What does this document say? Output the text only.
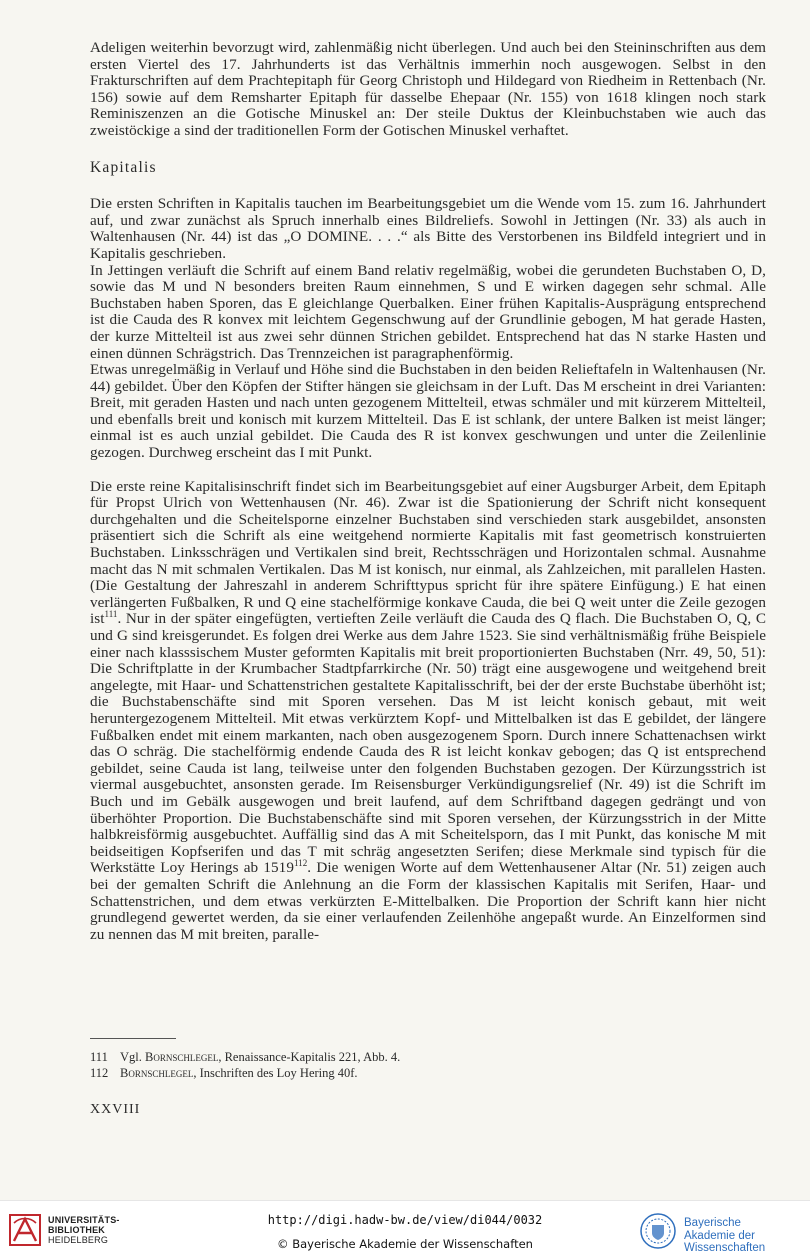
Adeligen weiterhin bevorzugt wird, zahlenmäßig nicht überlegen. Und auch bei den Steininschriften aus dem ersten Viertel des 17. Jahrhunderts ist das Verhältnis immerhin noch ausgewogen. Selbst in den Frakturschriften auf dem Prachtepitaph für Georg Christoph und Hildegard von Riedheim in Rettenbach (Nr. 156) sowie auf dem Remsharter Epitaph für dasselbe Ehepaar (Nr. 155) von 1618 klingen noch stark Reminiszenzen an die Gotische Minuskel an: Der steile Duktus der Kleinbuchstaben wie auch das zweistöckige a sind der traditionellen Form der Gotischen Minuskel verhaftet.

Kapitalis

Die ersten Schriften in Kapitalis tauchen im Bearbeitungsgebiet um die Wende vom 15. zum 16. Jahrhundert auf, und zwar zunächst als Spruch innerhalb eines Bildreliefs. Sowohl in Jettingen (Nr. 33) als auch in Waltenhausen (Nr. 44) ist das „O DOMINE. . . .“ als Bitte des Verstorbenen ins Bildfeld integriert und in Kapitalis geschrieben.

In Jettingen verläuft die Schrift auf einem Band relativ regelmäßig, wobei die gerundeten Buchstaben O, D, sowie das M und N besonders breiten Raum einnehmen, S und E wirken dagegen sehr schmal. Alle Buchstaben haben Sporen, das E gleichlange Querbalken. Einer frühen Kapitalis-Ausprägung entsprechend ist die Cauda des R konvex mit leichtem Gegenschwung auf der Grundlinie gebogen, M hat gerade Hasten, der kurze Mittelteil ist aus zwei sehr dünnen Strichen gebildet. Entsprechend hat das N starke Hasten und einen dünnen Schrägstrich. Das Trennzeichen ist paragraphenförmig.

Etwas unregelmäßig in Verlauf und Höhe sind die Buchstaben in den beiden Relieftafeln in Waltenhausen (Nr. 44) gebildet. Über den Köpfen der Stifter hängen sie gleichsam in der Luft. Das M erscheint in drei Varianten: Breit, mit geraden Hasten und nach unten gezogenem Mittelteil, etwas schmäler und mit kürzerem Mittelteil, und ebenfalls breit und konisch mit kurzem Mittelteil. Das E ist schlank, der untere Balken ist meist länger; einmal ist es auch unzial gebildet. Die Cauda des R ist konvex geschwungen und unter die Zeilenlinie gezogen. Durchweg erscheint das I mit Punkt.

Die erste reine Kapitalisinschrift findet sich im Bearbeitungsgebiet auf einer Augsburger Arbeit, dem Epitaph für Propst Ulrich von Wettenhausen (Nr. 46). Zwar ist die Spationierung der Schrift nicht konsequent durchgehalten und die Scheitelsporne einzelner Buchstaben sind verschieden stark ausgebildet, ansonsten präsentiert sich die Schrift als eine weitgehend normierte Kapitalis mit fast geometrisch konstruierten Buchstaben. Linksschrägen und Vertikalen sind breit, Rechtsschrägen und Horizontalen schmal. Ausnahme macht das N mit schmalen Vertikalen. Das M ist konisch, nur einmal, als Zahlzeichen, mit parallelen Hasten. (Die Gestaltung der Jahreszahl in anderem Schrifttypus spricht für ihre spätere Einfügung.) E hat einen verlängerten Fußbalken, R und Q eine stachelförmige konkave Cauda, die bei Q weit unter die Zeile gezogen ist$^{111}$. Nur in der später eingefügten, vertieften Zeile verläuft die Cauda des Q flach. Die Buchstaben O, Q, C und G sind kreisgerundet. Es folgen drei Werke aus dem Jahre 1523. Sie sind verhältnismäßig frühe Beispiele einer nach klasssischem Muster geformten Kapitalis mit breit proportionierten Buchstaben (Nrr. 49, 50, 51): Die Schriftplatte in der Krumbacher Stadtpfarrkirche (Nr. 50) trägt eine ausgewogene und weitgehend breit angelegte, mit Haar- und Schattenstrichen gestaltete Kapitalisschrift, bei der der erste Buchstabe überhöht ist; die Buchstabenschäfte sind mit Sporen versehen. Das M ist leicht konisch gebaut, mit weit heruntergezogenem Mittelteil. Mit etwas verkürztem Kopf- und Mittelbalken ist das E gebildet, der längere Fußbalken endet mit einem markanten, nach oben ausgezogenem Sporn. Durch innere Schattenachsen wirkt das O schräg. Die stachelförmig endende Cauda des R ist leicht konkav gebogen; das Q ist entsprechend gebildet, seine Cauda ist lang, teilweise unter den folgenden Buchstaben gezogen. Der Kürzungsstrich ist viermal ausgebuchtet, ansonsten gerade. Im Reisensburger Verkündigungsrelief (Nr. 49) ist die Schrift im Buch und im Gebälk ausgewogen und breit laufend, auf dem Schriftband dagegen gedrängt und von überhöhter Proportion. Die Buchstabenschäfte sind mit Sporen versehen, der Kürzungsstrich in der Mitte halbkreisförmig ausgebuchtet. Auffällig sind das A mit Scheitelsporn, das I mit Punkt, das konische M mit beidseitigen Kopfserifen und das T mit schräg angesetzten Serifen; diese Merkmale sind typisch für die Werkstätte Loy Herings ab 1519$^{112}$. Die wenigen Worte auf dem Wettenhausener Altar (Nr. 51) zeigen auch bei der gemalten Schrift die Anlehnung an die Form der klassischen Kapitalis mit Serifen, Haar- und Schattenstrichen, und dem etwas verkürzten E-Mittelbalken. Die Proportion der Schrift kann hier nicht grundlegend gewertet werden, da sie einer verlaufenden Zeilenhöhe angepaßt wurde. An Einzelformen sind zu nennen das M mit breiten, paralle-

111 Vgl. Bornschlegel, Renaissance-Kapitalis 221, Abb. 4.
112 Bornschlegel, Inschriften des Loy Hering 40f.
XXVIII
UNIVERSITÄTS-
BIBLIOTHEK
HEIDELBERG
http://digi.hadw-bw.de/view/di044/0032
© Bayerische Akademie der Wissenschaften
Bayerische
Akademie der Wissenschaften
